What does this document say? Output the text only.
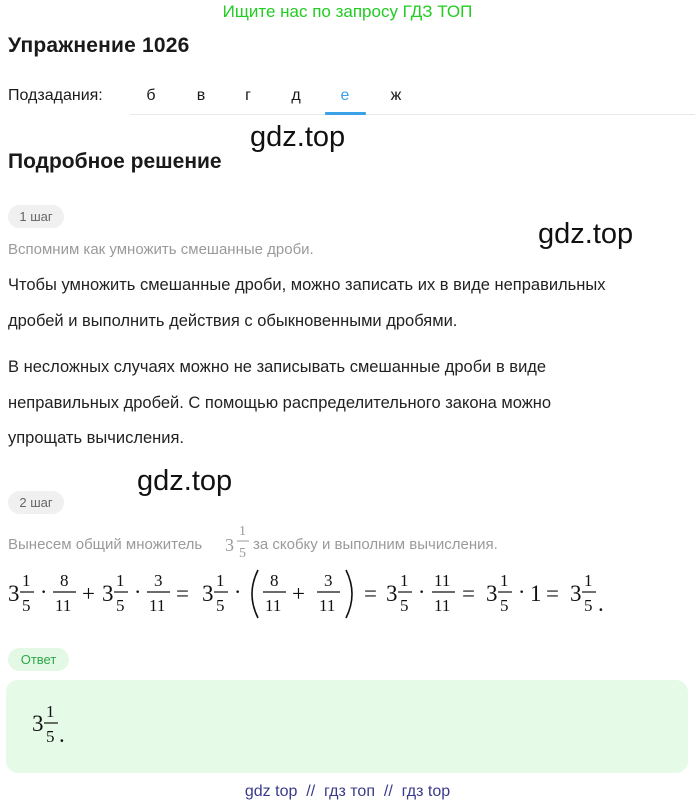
Ищите нас по запросу ГДЗ ТОП
Упражнение 1026
Подзадания:	б	в	г	д	е	ж
gdz.top
gdz.top
gdz.top
Подробное решение
1 шаг
Вспомним как умножить смешанные дроби.
Чтобы умножить смешанные дроби, можно записать их в виде неправильных
дробей и выполнить действия с обыкновенными дробями.
В несложных случаях можно не записывать смешанные дроби в виде
неправильных дробей. С помощью распределительного закона можно
упрощать вычисления.
2 шаг
Вынесем общий множитель 3
1
5
за скобку и выполним вычисления.
3
1
5
· 8
11 + 3
1
5
· 3
11 = 3
1
5
· 8
11 +
3
11 = 3
1
5
· 11
11 = 3
1
5
· 1 = 3
1
5 .
Ответ
3 1
5 .
gdz top  //  гдз топ  //  гдз top
